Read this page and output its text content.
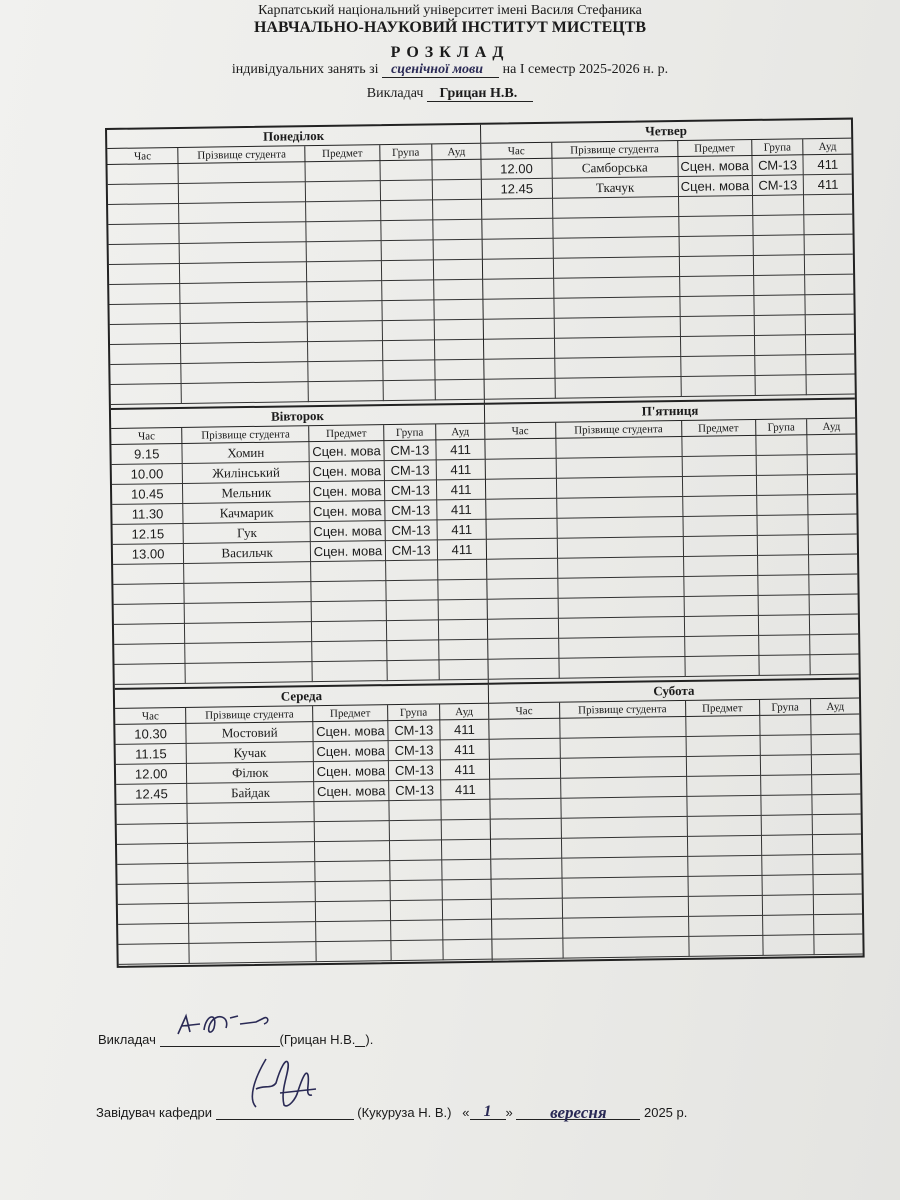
Карпатський національний університет імені Василя Стефаника
НАВЧАЛЬНО-НАУКОВИЙ ІНСТИТУТ МИСТЕЦТВ
РОЗКЛАД
індивідуальних занять зі сценічної мови на I семестр 2025-2026 н. р.
Викладач Грицан Н.В.
Понеділок
Час	Прізвище студента	Предмет	Група	Ауд

Четвер
Час	Прізвище студента	Предмет	Група	Ауд
12.00	Самборська	Сцен. мова	СМ-13	411
12.45	Ткачук	Сцен. мова	СМ-13	411

Вівторок
Час	Прізвище студента	Предмет	Група	Ауд
9.15	Хомин	Сцен. мова	СМ-13	411
10.00	Жилінський	Сцен. мова	СМ-13	411
10.45	Мельник	Сцен. мова	СМ-13	411
11.30	Качмарик	Сцен. мова	СМ-13	411
12.15	Гук	Сцен. мова	СМ-13	411
13.00	Васильчк	Сцен. мова	СМ-13	411

П'ятниця
Час	Прізвище студента	Предмет	Група	Ауд

Середа
Час	Прізвище студента	Предмет	Група	Ауд
10.30	Мостовий	Сцен. мова	СМ-13	411
11.15	Кучак	Сцен. мова	СМ-13	411
12.00	Філюк	Сцен. мова	СМ-13	411
12.45	Байдак	Сцен. мова	СМ-13	411

Субота
Час	Прізвище студента	Предмет	Група	Ауд

Викладач	(Грицан Н.В. ).
Завідувач кафедри	(Кукуруза Н. В.)   « 1 » вересня	2025 р.
